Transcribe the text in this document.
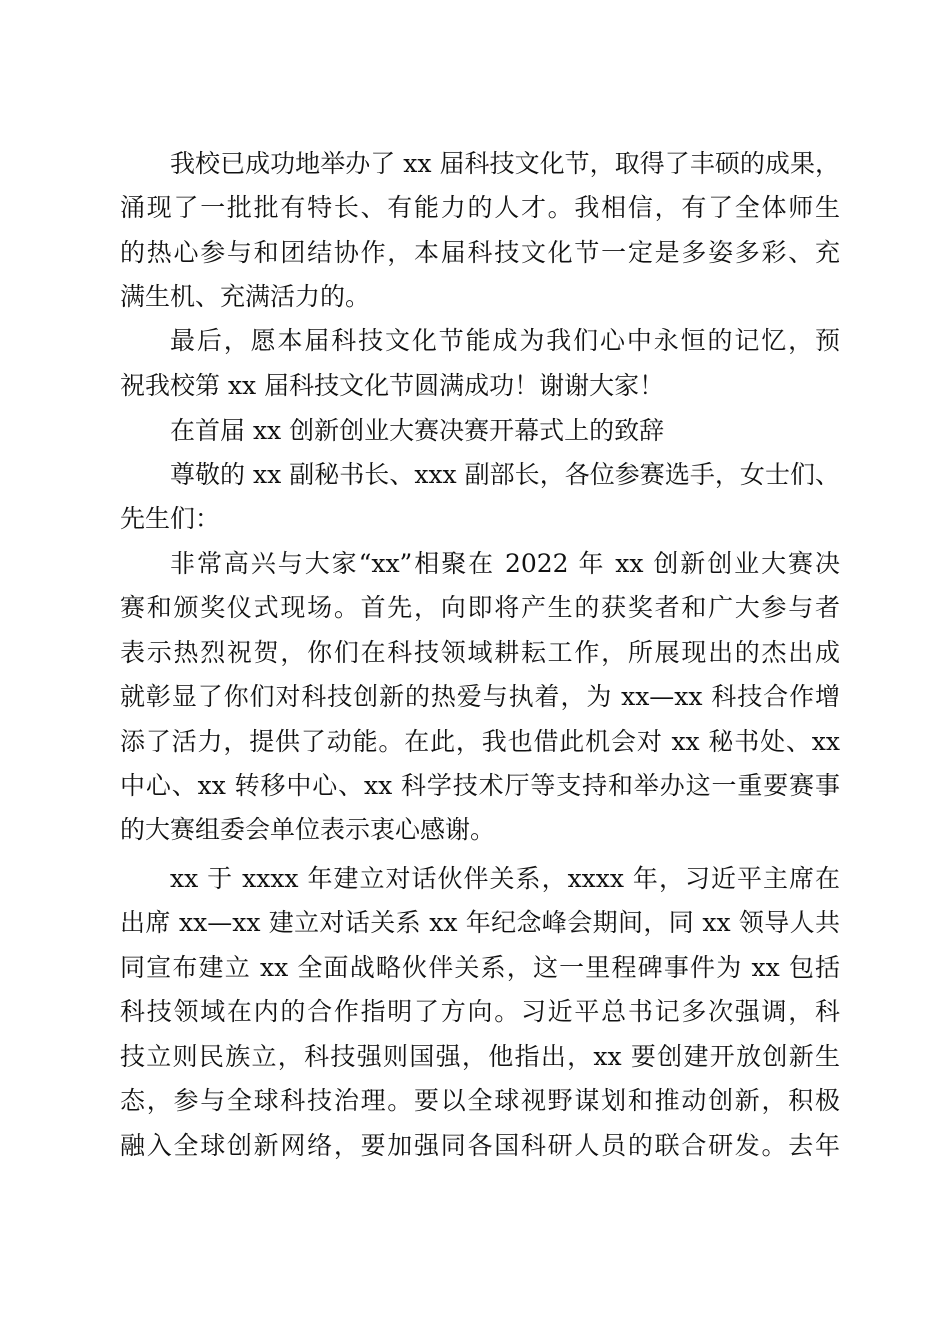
我校已成功地举办了 xx 届科技文化节，取得了丰硕的成果，
涌现了一批批有特长、有能力的人才。我相信，有了全体师生
的热心参与和团结协作，本届科技文化节一定是多姿多彩、充
满生机、充满活力的。
最后，愿本届科技文化节能成为我们心中永恒的记忆，预
祝我校第 xx 届科技文化节圆满成功！谢谢大家！
在首届 xx 创新创业大赛决赛开幕式上的致辞
尊敬的 xx 副秘书长、xxx 副部长，各位参赛选手，女士们、
先生们：
非常高兴与大家“xx”相聚在 2022 年 xx 创新创业大赛决
赛和颁奖仪式现场。首先，向即将产生的获奖者和广大参与者
表示热烈祝贺，你们在科技领域耕耘工作，所展现出的杰出成
就彰显了你们对科技创新的热爱与执着，为 xx—xx 科技合作增
添了活力，提供了动能。在此，我也借此机会对 xx 秘书处、xx
中心、xx 转移中心、xx 科学技术厅等支持和举办这一重要赛事
的大赛组委会单位表示衷心感谢。
xx 于 xxxx 年建立对话伙伴关系，xxxx 年，习近平主席在
出席 xx—xx 建立对话关系 xx 年纪念峰会期间，同 xx 领导人共
同宣布建立 xx 全面战略伙伴关系，这一里程碑事件为 xx 包括
科技领域在内的合作指明了方向。习近平总书记多次强调，科
技立则民族立，科技强则国强，他指出，xx 要创建开放创新生
态，参与全球科技治理。要以全球视野谋划和推动创新，积极
融入全球创新网络，要加强同各国科研人员的联合研发。去年
